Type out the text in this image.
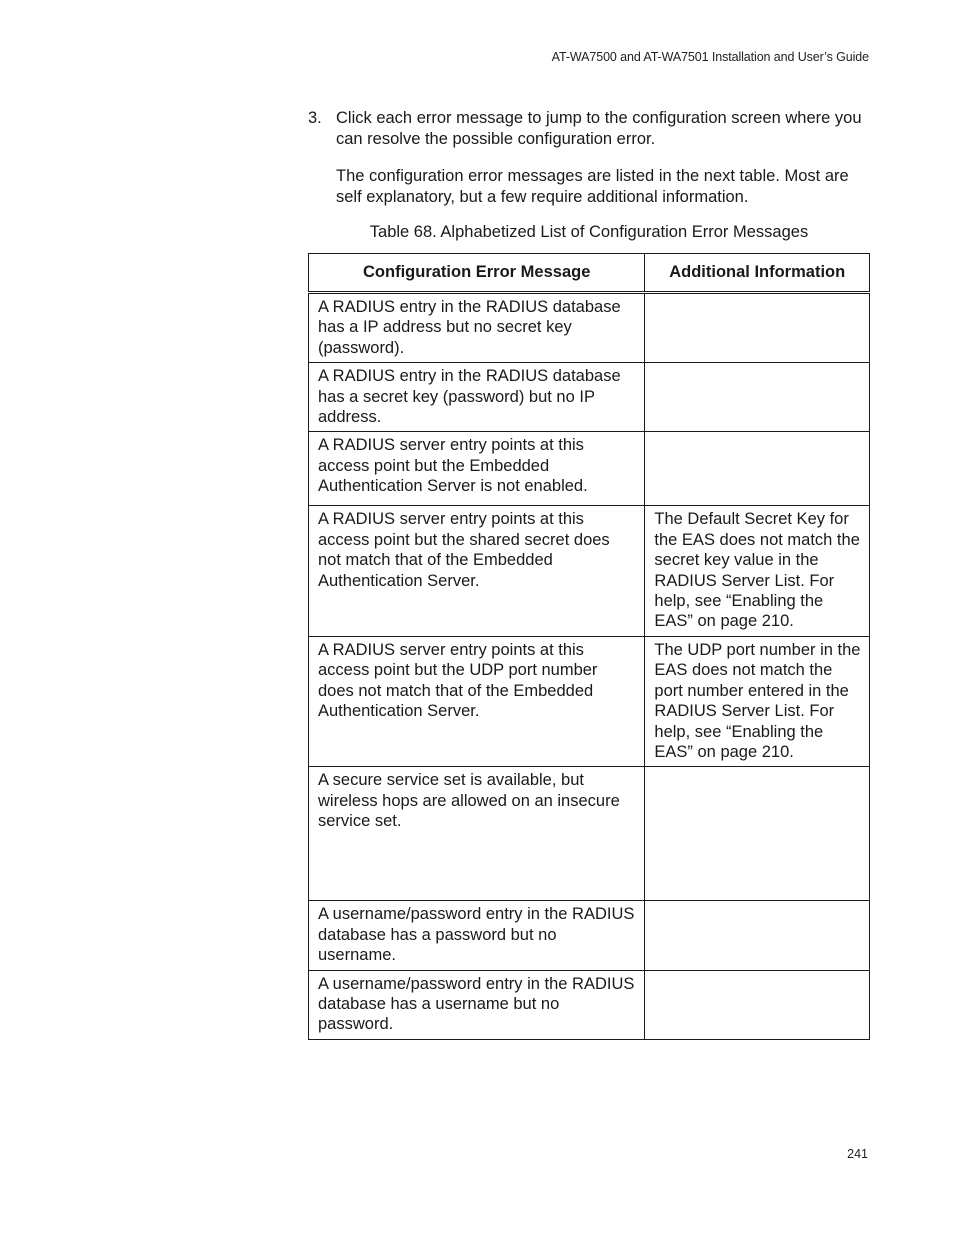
AT-WA7500 and AT-WA7501 Installation and User’s Guide
3. Click each error message to jump to the configuration screen where you can resolve the possible configuration error.
The configuration error messages are listed in the next table. Most are self explanatory, but a few require additional information.
Table 68. Alphabetized List of Configuration Error Messages
Configuration Error Message	Additional Information
A RADIUS entry in the RADIUS database has a IP address but no secret key (password).	
A RADIUS entry in the RADIUS database has a secret key (password) but no IP address.	
A RADIUS server entry points at this access point but the Embedded Authentication Server is not enabled.	
A RADIUS server entry points at this access point but the shared secret does not match that of the Embedded Authentication Server.	The Default Secret Key for the EAS does not match the secret key value in the RADIUS Server List. For help, see “Enabling the EAS” on page 210.
A RADIUS server entry points at this access point but the UDP port number does not match that of the Embedded Authentication Server.	The UDP port number in the EAS does not match the port number entered in the RADIUS Server List. For help, see “Enabling the EAS” on page 210.
A secure service set is available, but wireless hops are allowed on an insecure service set.	
A username/password entry in the RADIUS database has a password but no username.	
A username/password entry in the RADIUS database has a username but no password.	
241
